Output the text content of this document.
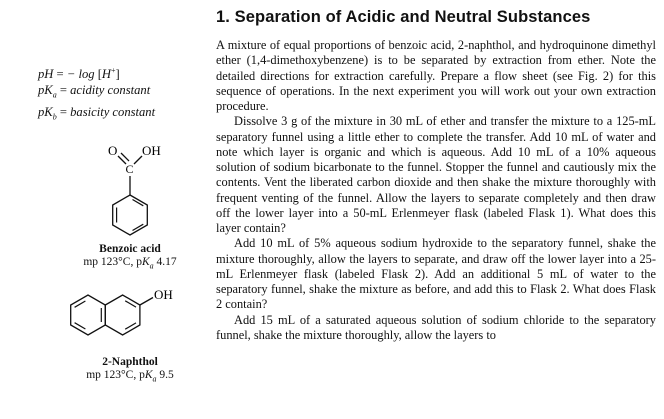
1. Separation of Acidic and Neutral Substances
pH = − log [H+]
$pK_a$ = acidity constant
$pK_b$ = basicity constant
O OH
C
Benzoic acid
mp 123°C, $pK_a$ 4.17
OH
2-Naphthol
mp 123°C, $pK_a$ 9.5

A mixture of equal proportions of benzoic acid, 2-naphthol, and hydroquinone dimethyl ether (1,4-dimethoxybenzene) is to be separated by extraction from ether. Note the detailed directions for extraction carefully. Prepare a flow sheet (see Fig. 2) for this sequence of operations. In the next experiment you will work out your own extraction procedure.

Dissolve 3 g of the mixture in 30 mL of ether and transfer the mixture to a 125-mL separatory funnel using a little ether to complete the transfer. Add 10 mL of water and note which layer is organic and which is aqueous. Add 10 mL of a 10% aqueous solution of sodium bicarbonate to the funnel. Stopper the funnel and cautiously mix the contents. Vent the liberated carbon dioxide and then shake the mixture thoroughly with frequent venting of the funnel. Allow the layers to separate completely and then draw off the lower layer into a 50-mL Erlenmeyer flask (labeled Flask 1). What does this layer contain?

Add 10 mL of 5% aqueous sodium hydroxide to the separatory funnel, shake the mixture thoroughly, allow the layers to separate, and draw off the lower layer into a 25-mL Erlenmeyer flask (labeled Flask 2). Add an additional 5 mL of water to the separatory funnel, shake the mixture as before, and add this to Flask 2. What does Flask 2 contain?

Add 15 mL of a saturated aqueous solution of sodium chloride to the separatory funnel, shake the mixture thoroughly, allow the layers to
